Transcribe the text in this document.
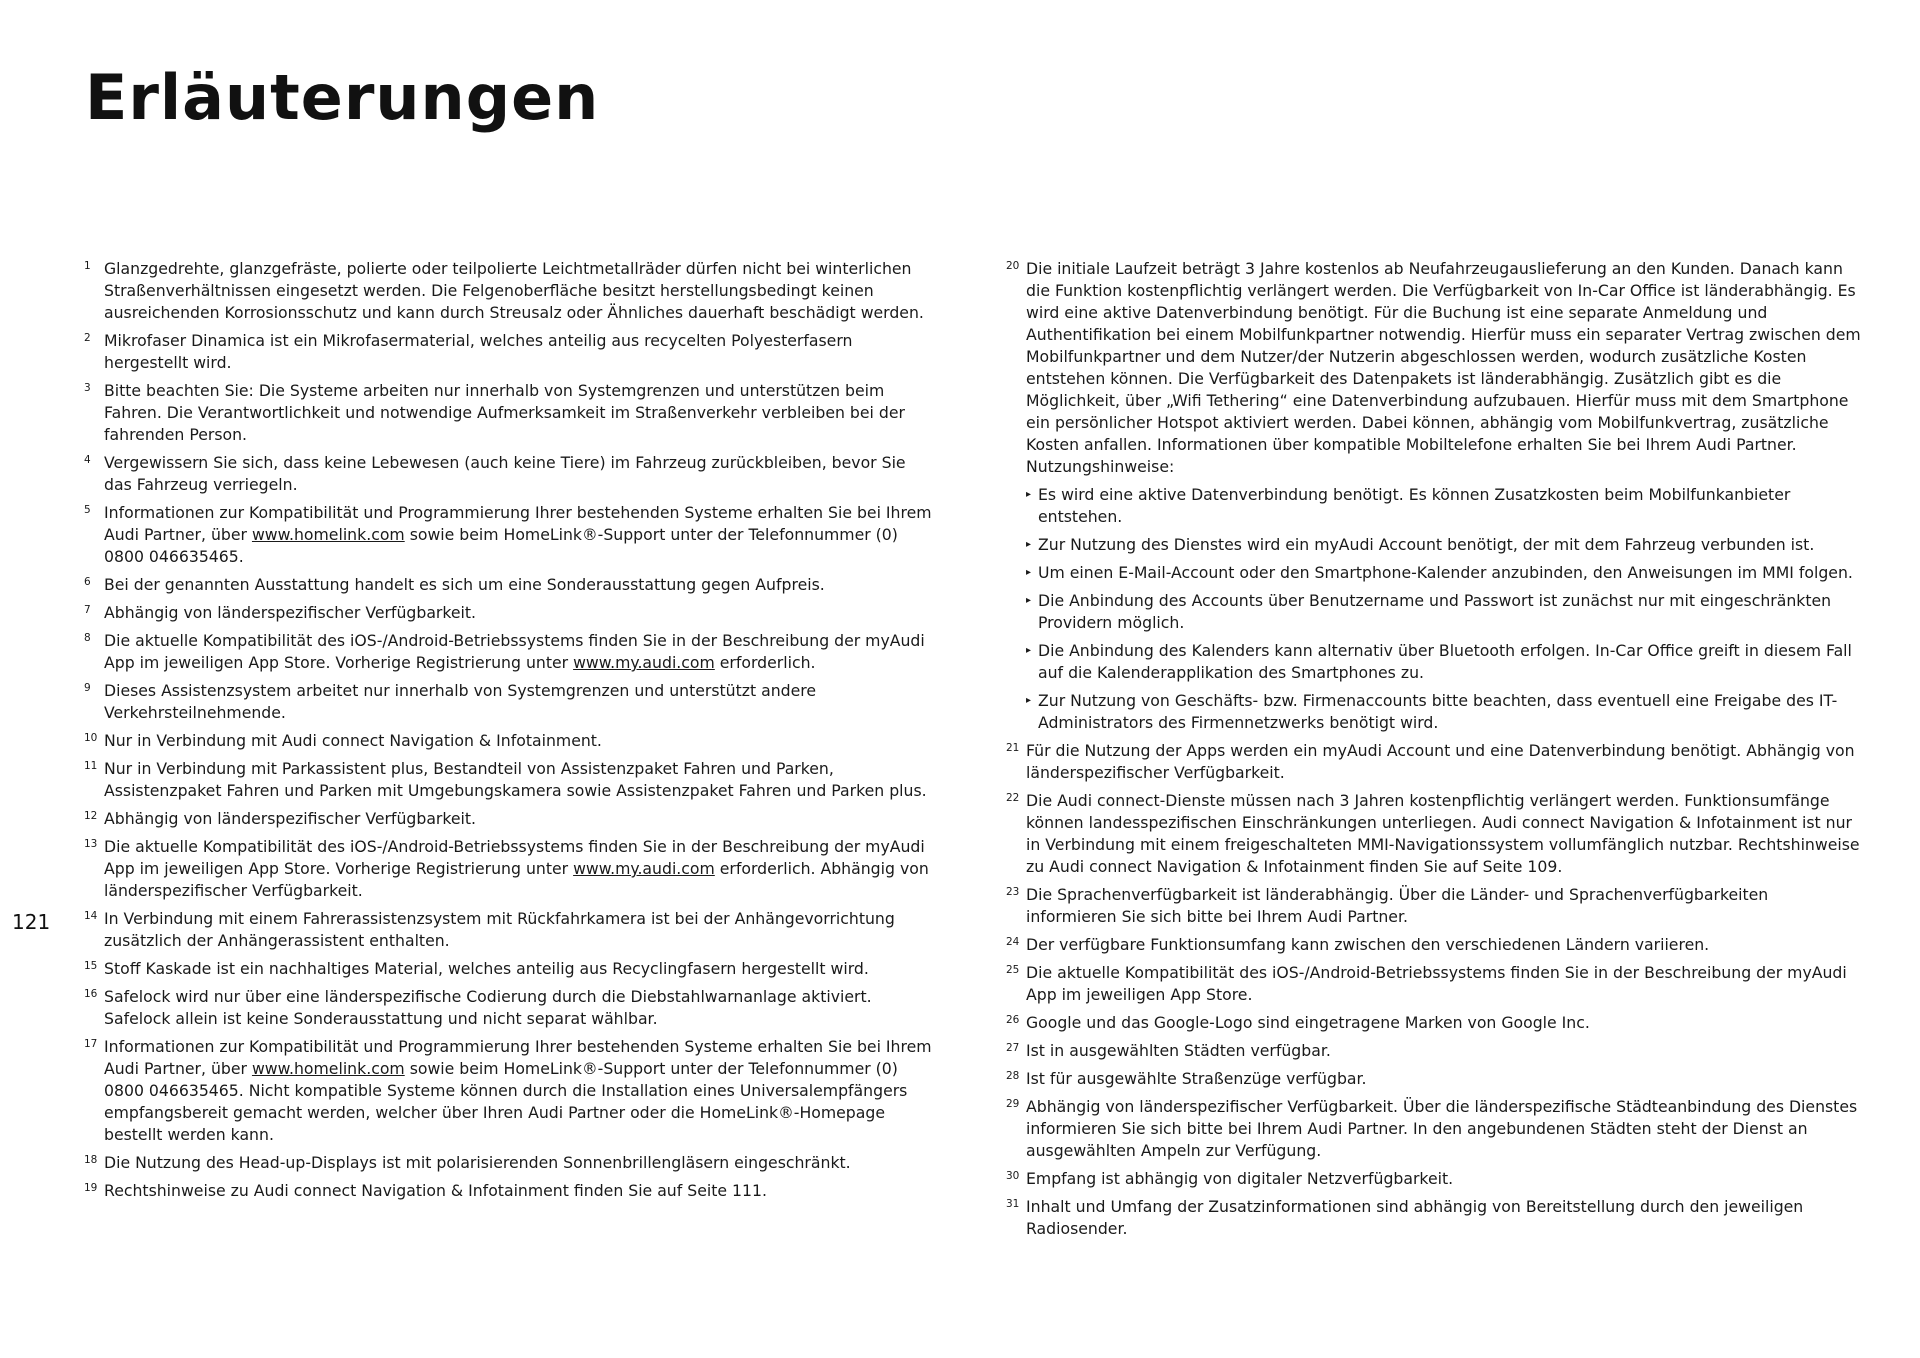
Erläuterungen
121
1 Glanzgedrehte, glanzgefräste, polierte oder teilpolierte Leichtmetallräder dürfen nicht bei winterlichen Straßenverhältnissen eingesetzt werden. Die Felgenoberfläche besitzt herstellungsbedingt keinen ausreichenden Korrosionsschutz und kann durch Streusalz oder Ähnliches dauerhaft beschädigt werden.
2 Mikrofaser Dinamica ist ein Mikrofasermaterial, welches anteilig aus recycelten Polyesterfasern hergestellt wird.
3 Bitte beachten Sie: Die Systeme arbeiten nur innerhalb von Systemgrenzen und unterstützen beim Fahren. Die Verantwortlichkeit und notwendige Aufmerksamkeit im Straßenverkehr verbleiben bei der fahrenden Person.
4 Vergewissern Sie sich, dass keine Lebewesen (auch keine Tiere) im Fahrzeug zurückbleiben, bevor Sie das Fahrzeug verriegeln.
5 Informationen zur Kompatibilität und Programmierung Ihrer bestehenden Systeme erhalten Sie bei Ihrem Audi Partner, über www.homelink.com sowie beim HomeLink®-Support unter der Telefonnummer (0) 0800 046635465.
6 Bei der genannten Ausstattung handelt es sich um eine Sonderausstattung gegen Aufpreis.
7 Abhängig von länderspezifischer Verfügbarkeit.
8 Die aktuelle Kompatibilität des iOS-/Android-Betriebssystems finden Sie in der Beschreibung der myAudi App im jeweiligen App Store. Vorherige Registrierung unter www.my.audi.com erforderlich.
9 Dieses Assistenzsystem arbeitet nur innerhalb von Systemgrenzen und unterstützt andere Verkehrsteilnehmende.
10 Nur in Verbindung mit Audi connect Navigation & Infotainment.
11 Nur in Verbindung mit Parkassistent plus, Bestandteil von Assistenzpaket Fahren und Parken, Assistenzpaket Fahren und Parken mit Umgebungskamera sowie Assistenzpaket Fahren und Parken plus.
12 Abhängig von länderspezifischer Verfügbarkeit.
13 Die aktuelle Kompatibilität des iOS-/Android-Betriebssystems finden Sie in der Beschreibung der myAudi App im jeweiligen App Store. Vorherige Registrierung unter www.my.audi.com erforderlich. Abhängig von länderspezifischer Verfügbarkeit.
14 In Verbindung mit einem Fahrerassistenzsystem mit Rückfahrkamera ist bei der Anhängevorrichtung zusätzlich der Anhängerassistent enthalten.
15 Stoff Kaskade ist ein nachhaltiges Material, welches anteilig aus Recyclingfasern hergestellt wird.
16 Safelock wird nur über eine länderspezifische Codierung durch die Diebstahlwarnanlage aktiviert. Safelock allein ist keine Sonderausstattung und nicht separat wählbar.
17 Informationen zur Kompatibilität und Programmierung Ihrer bestehenden Systeme erhalten Sie bei Ihrem Audi Partner, über www.homelink.com sowie beim HomeLink®-Support unter der Telefonnummer (0) 0800 046635465. Nicht kompatible Systeme können durch die Installation eines Universalempfängers empfangsbereit gemacht werden, welcher über Ihren Audi Partner oder die HomeLink®-Homepage bestellt werden kann.
18 Die Nutzung des Head-up-Displays ist mit polarisierenden Sonnenbrillengläsern eingeschränkt.
19 Rechtshinweise zu Audi connect Navigation & Infotainment finden Sie auf Seite 111.
20 Die initiale Laufzeit beträgt 3 Jahre kostenlos ab Neufahrzeugauslieferung an den Kunden. Danach kann die Funktion kostenpflichtig verlängert werden. Die Verfügbarkeit von In-Car Office ist länderabhängig. Es wird eine aktive Datenverbindung benötigt. Für die Buchung ist eine separate Anmeldung und Authentifikation bei einem Mobilfunkpartner notwendig. Hierfür muss ein separater Vertrag zwischen dem Mobilfunkpartner und dem Nutzer/der Nutzerin abgeschlossen werden, wodurch zusätzliche Kosten entstehen können. Die Verfügbarkeit des Datenpakets ist länderabhängig. Zusätzlich gibt es die Möglichkeit, über „Wifi Tethering“ eine Datenverbindung aufzubauen. Hierfür muss mit dem Smartphone ein persönlicher Hotspot aktiviert werden. Dabei können, abhängig vom Mobilfunkvertrag, zusätzliche Kosten anfallen. Informationen über kompatible Mobiltelefone erhalten Sie bei Ihrem Audi Partner. Nutzungshinweise:
▸ Es wird eine aktive Datenverbindung benötigt. Es können Zusatzkosten beim Mobilfunkanbieter entstehen.
▸ Zur Nutzung des Dienstes wird ein myAudi Account benötigt, der mit dem Fahrzeug verbunden ist.
▸ Um einen E-Mail-Account oder den Smartphone-Kalender anzubinden, den Anweisungen im MMI folgen.
▸ Die Anbindung des Accounts über Benutzername und Passwort ist zunächst nur mit eingeschränkten Providern möglich.
▸ Die Anbindung des Kalenders kann alternativ über Bluetooth erfolgen. In-Car Office greift in diesem Fall auf die Kalenderapplikation des Smartphones zu.
▸ Zur Nutzung von Geschäfts- bzw. Firmenaccounts bitte beachten, dass eventuell eine Freigabe des IT-Administrators des Firmennetzwerks benötigt wird.
21 Für die Nutzung der Apps werden ein myAudi Account und eine Datenverbindung benötigt. Abhängig von länderspezifischer Verfügbarkeit.
22 Die Audi connect-Dienste müssen nach 3 Jahren kostenpflichtig verlängert werden. Funktionsumfänge können landesspezifischen Einschränkungen unterliegen. Audi connect Navigation & Infotainment ist nur in Verbindung mit einem freigeschalteten MMI-Navigationssystem vollumfänglich nutzbar. Rechtshinweise zu Audi connect Navigation & Infotainment finden Sie auf Seite 109.
23 Die Sprachenverfügbarkeit ist länderabhängig. Über die Länder- und Sprachenverfügbarkeiten informieren Sie sich bitte bei Ihrem Audi Partner.
24 Der verfügbare Funktionsumfang kann zwischen den verschiedenen Ländern variieren.
25 Die aktuelle Kompatibilität des iOS-/Android-Betriebssystems finden Sie in der Beschreibung der myAudi App im jeweiligen App Store.
26 Google und das Google-Logo sind eingetragene Marken von Google Inc.
27 Ist in ausgewählten Städten verfügbar.
28 Ist für ausgewählte Straßenzüge verfügbar.
29 Abhängig von länderspezifischer Verfügbarkeit. Über die länderspezifische Städteanbindung des Dienstes informieren Sie sich bitte bei Ihrem Audi Partner. In den angebundenen Städten steht der Dienst an ausgewählten Ampeln zur Verfügung.
30 Empfang ist abhängig von digitaler Netzverfügbarkeit.
31 Inhalt und Umfang der Zusatzinformationen sind abhängig von Bereitstellung durch den jeweiligen Radiosender.
